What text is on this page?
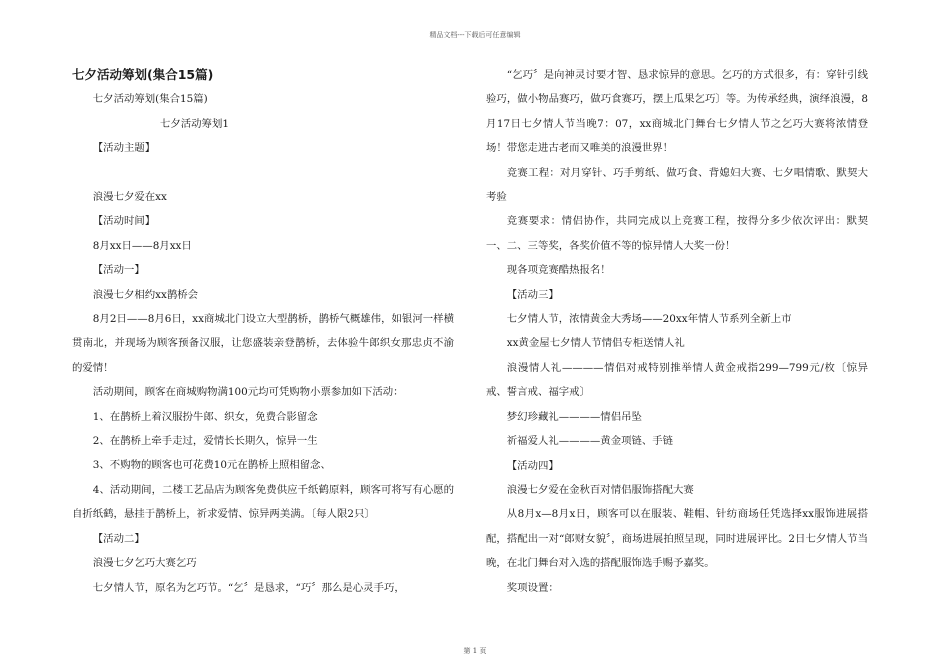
精品文档---下载后可任意编辑

七夕活动筹划(集合15篇)

七夕活动筹划(集合15篇)

七夕活动筹划1

【活动主题】

浪漫七夕爱在xx

【活动时间】

8月xx日——8月xx日

【活动一】

浪漫七夕相约xx鹊桥会

8月2日——8月6日，xx商城北门设立大型鹊桥，鹊桥气概雄伟，如银河一样横贯南北，并现场为顾客预备汉服，让您盛装亲登鹊桥，去体验牛郎织女那忠贞不渝的爱情！

活动期间，顾客在商城购物满100元均可凭购物小票参加如下活动：

1、在鹊桥上着汉服扮牛郎、织女，免费合影留念

2、在鹊桥上牵手走过，爱情长长期久，惊异一生

3、不购物的顾客也可花费10元在鹊桥上照相留念、

4、活动期间，二楼工艺品店为顾客免费供应千纸鹤原料，顾客可将写有心愿的自折纸鹤，悬挂于鹊桥上，祈求爱情、惊异两美满。〔每人限2只〕

【活动二】

浪漫七夕乞巧大赛乞巧

七夕情人节，原名为乞巧节。“乞〞是恳求，“巧〞那么是心灵手巧，

“乞巧〞是向神灵讨要才智、恳求惊异的意思。乞巧的方式很多，有：穿针引线验巧，做小物品赛巧，做巧食赛巧，摆上瓜果乞巧〕等。为传承经典，演绎浪漫，8月17日七夕情人节当晚7：07，xx商城北门舞台七夕情人节之乞巧大赛将浓情登场！带您走进古老而又唯美的浪漫世界！

竞赛工程：对月穿针、巧手剪纸、做巧食、背媳妇大赛、七夕唱情歌、默契大考验

竞赛要求：情侣协作，共同完成以上竞赛工程，按得分多少依次评出：默契一、二、三等奖，各奖价值不等的惊异情人大奖一份！

现各项竞赛酷热报名！

【活动三】

七夕情人节，浓情黄金大秀场——20xx年情人节系列全新上市

xx黄金屋七夕情人节情侣专柜送情人礼

浪漫情人礼————情侣对戒特别推举情人黄金戒指299—799元/枚〔惊异戒、誓言戒、福字戒〕

梦幻珍藏礼————情侣吊坠

祈福爱人礼————黄金项链、手链

【活动四】

浪漫七夕爱在金秋百对情侣服饰搭配大赛

从8月x—8月x日，顾客可以在服装、鞋帽、针纺商场任凭选择xx服饰进展搭配，搭配出一对“郎财女貌〞，商场进展拍照呈现，同时进展评比。2日七夕情人节当晚，在北门舞台对入选的搭配服饰选手赐予嘉奖。

奖项设置：

第 1 页
